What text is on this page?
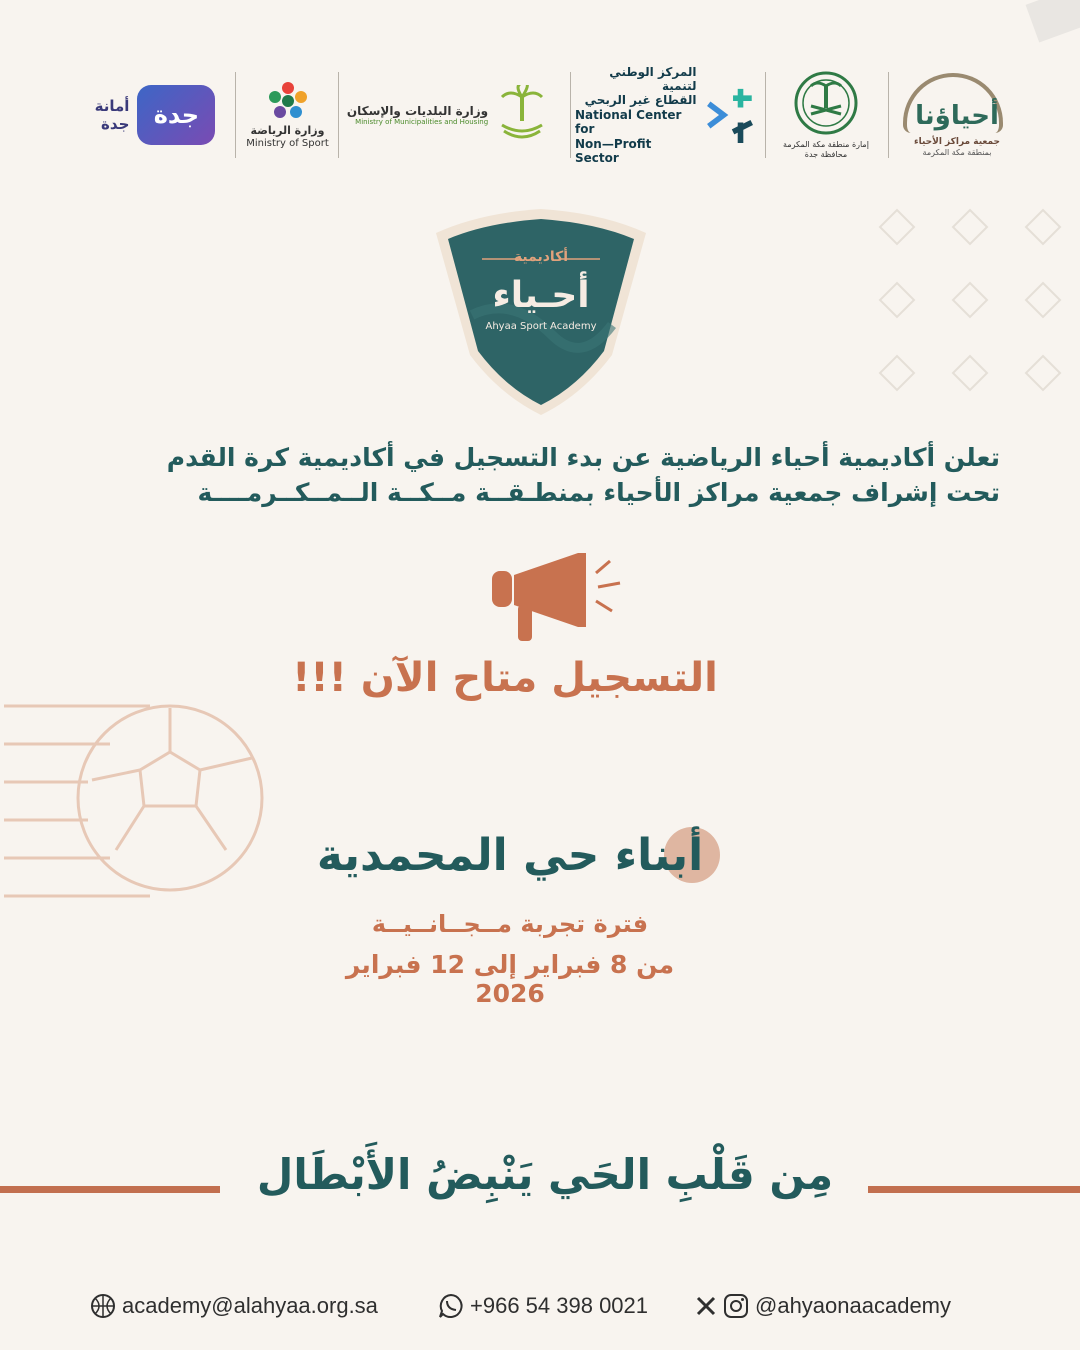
أمانة
جدة	جدة
وزارة الرياضة
Ministry of Sport
وزارة البلديات والإسكان
Ministry of Municipalities and Housing
المركز الوطني لتنمية
القطاع غير الربحي
National Center for
Non—Profit Sector
إمارة منطقة مكة المكرمة
محافظة جدة
أحياؤنا
جمعية مراكز الأحياء
بمنطقة مكة المكرمة
أكاديمية
أحـياء
Ahyaa Sport Academy
تعلن أكاديمية أحياء الرياضية عن بدء التسجيل في أكاديمية كرة القدم
تحت إشراف جمعية مراكز الأحياء بمنطـقــة مــكــة الــمــكــرمــــة
التسجيل متاح الآن !!!
أبناء حي المحمدية
فترة تجربة مــجــانــيــة
من 8 فبراير إلى 12 فبراير 2026
مِن قَلْبِ الحَي يَنْبِضُ الأَبْطَال
academy@alahyaa.org.sa	+966 54 398 0021	@ahyaonaacademy
